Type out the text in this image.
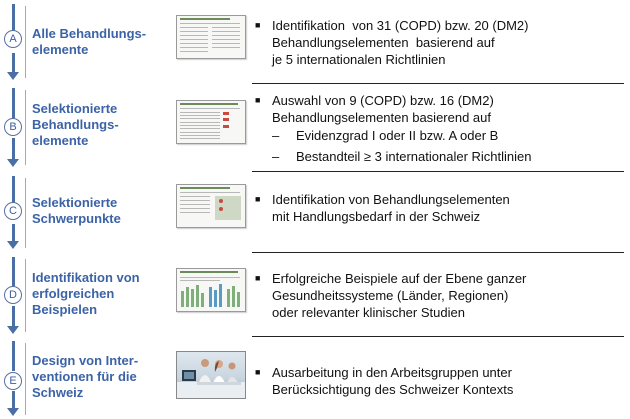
A	Alle Behandlungs-
elemente
■ Identifikation  von 31 (COPD) bzw. 20 (DM2)
Behandlungselementen  basierend auf
je 5 internationalen Richtlinien
B
Selektionierte
Behandlungs-
elemente
■ Auswahl von 9 (COPD) bzw. 16 (DM2)
Behandlungselementen basierend auf
– Evidenzgrad I oder II bzw. A oder B
– Bestandteil ≥ 3 internationaler Richtlinien
C
Selektionierte
Schwerpunkte
■ Identifikation von Behandlungselementen
mit Handlungsbedarf in der Schweiz
D
Identifikation von
erfolgreichen
Beispielen
■ Erfolgreiche Beispiele auf der Ebene ganzer
Gesundheitssysteme (Länder, Regionen)
oder relevanter klinischer Studien
E
Design von Inter-
ventionen für die
Schweiz
■ Ausarbeitung in den Arbeitsgruppen unter
Berücksichtigung des Schweizer Kontexts
